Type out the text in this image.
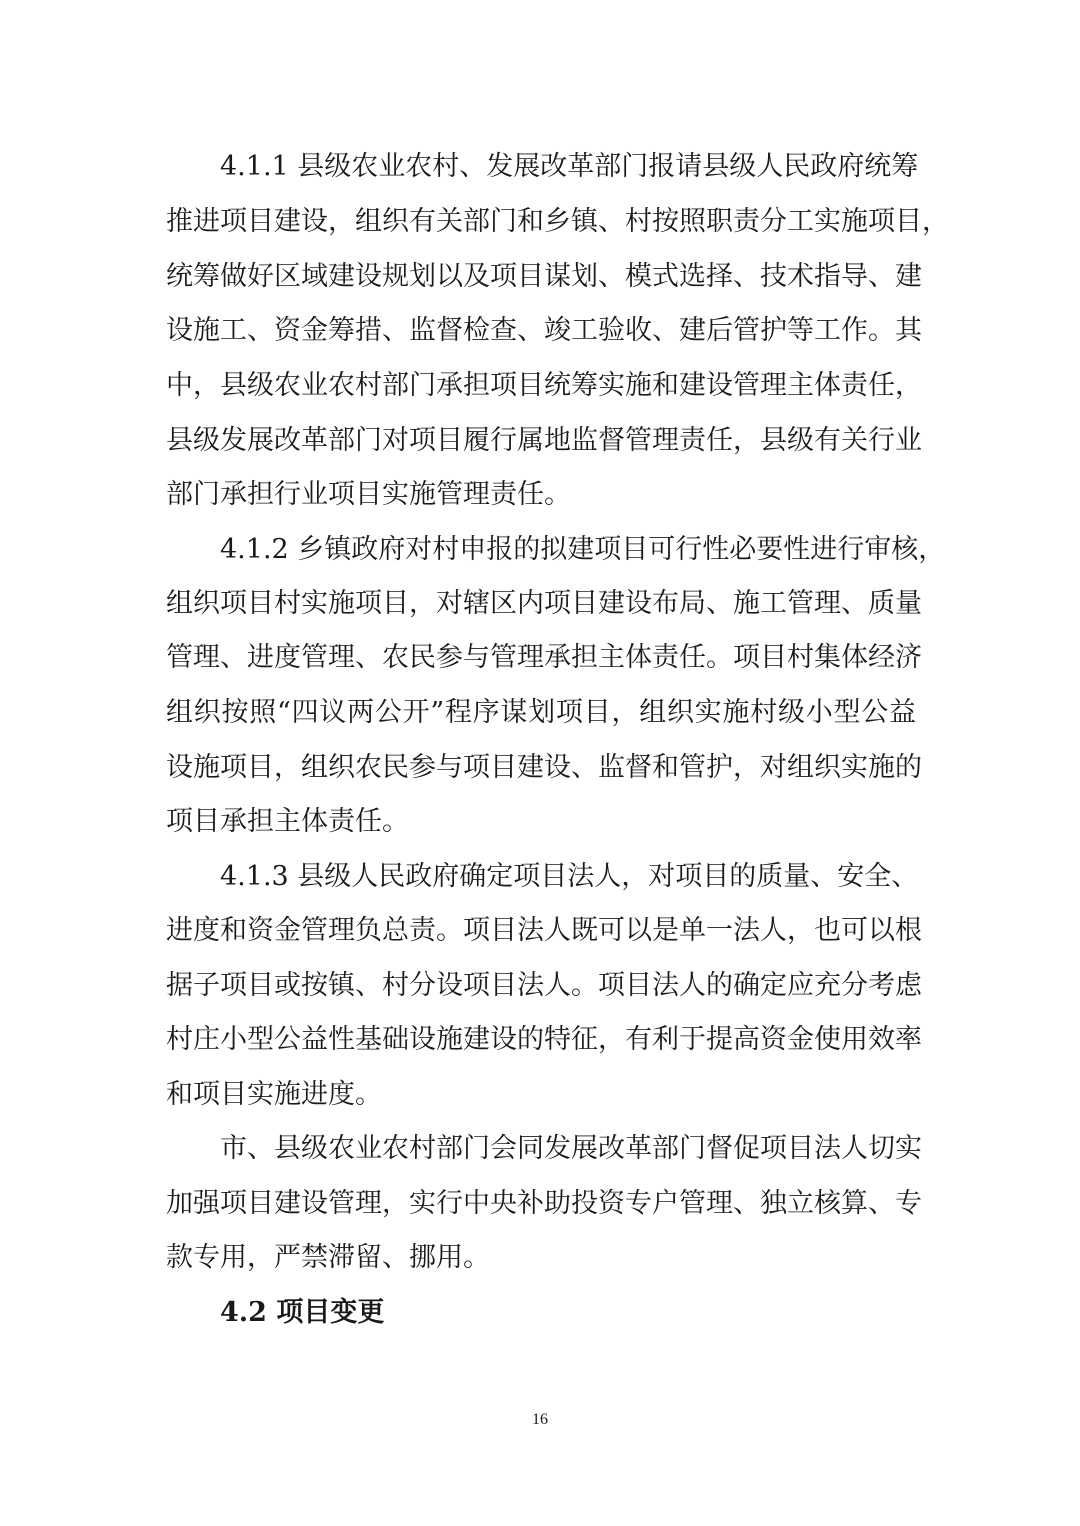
4.1.1 县级农业农村、发展改革部门报请县级人民政府统筹
推进项目建设，组织有关部门和乡镇、村按照职责分工实施项目，
统筹做好区域建设规划以及项目谋划、模式选择、技术指导、建
设施工、资金筹措、监督检查、竣工验收、建后管护等工作。其
中，县级农业农村部门承担项目统筹实施和建设管理主体责任，
县级发展改革部门对项目履行属地监督管理责任，县级有关行业
部门承担行业项目实施管理责任。
4.1.2 乡镇政府对村申报的拟建项目可行性必要性进行审核，
组织项目村实施项目，对辖区内项目建设布局、施工管理、质量
管理、进度管理、农民参与管理承担主体责任。项目村集体经济
组织按照“四议两公开”程序谋划项目，组织实施村级小型公益
设施项目，组织农民参与项目建设、监督和管护，对组织实施的
项目承担主体责任。
4.1.3 县级人民政府确定项目法人，对项目的质量、安全、
进度和资金管理负总责。项目法人既可以是单一法人，也可以根
据子项目或按镇、村分设项目法人。项目法人的确定应充分考虑
村庄小型公益性基础设施建设的特征，有利于提高资金使用效率
和项目实施进度。
市、县级农业农村部门会同发展改革部门督促项目法人切实
加强项目建设管理，实行中央补助投资专户管理、独立核算、专
款专用，严禁滞留、挪用。
4.2 项目变更
16
